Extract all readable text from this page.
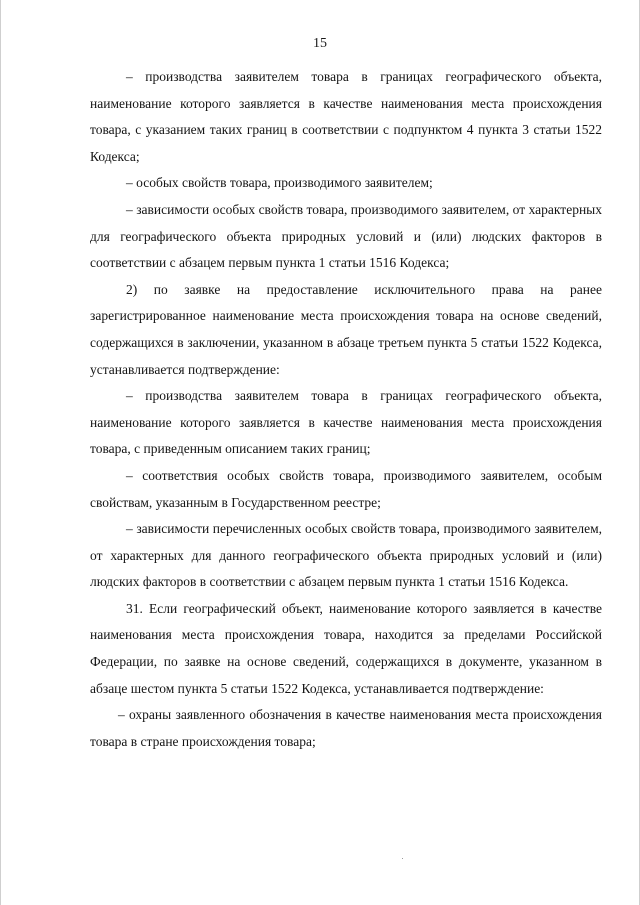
15

– производства заявителем товара в границах географического объекта, наименование которого заявляется в качестве наименования места происхождения товара, с указанием таких границ в соответствии с подпунктом 4 пункта 3 статьи 1522 Кодекса;

– особых свойств товара, производимого заявителем;

– зависимости особых свойств товара, производимого заявителем, от характерных для географического объекта природных условий и (или) людских факторов в соответствии с абзацем первым пункта 1 статьи 1516 Кодекса;

2) по заявке на предоставление исключительного права на ранее зарегистрированное наименование места происхождения товара на основе сведений, содержащихся в заключении, указанном в абзаце третьем пункта 5 статьи 1522 Кодекса, устанавливается подтверждение:

– производства заявителем товара в границах географического объекта, наименование которого заявляется в качестве наименования места происхождения товара, с приведенным описанием таких границ;

– соответствия особых свойств товара, производимого заявителем, особым свойствам, указанным в Государственном реестре;

– зависимости перечисленных особых свойств товара, производимого заявителем, от характерных для данного географического объекта природных условий и (или) людских факторов в соответствии с абзацем первым пункта 1 статьи 1516 Кодекса.

31. Если географический объект, наименование которого заявляется в качестве наименования места происхождения товара, находится за пределами Российской Федерации, по заявке на основе сведений, содержащихся в документе, указанном в абзаце шестом пункта 5 статьи 1522 Кодекса, устанавливается подтверждение:

– охраны заявленного обозначения в качестве наименования места происхождения товара в стране происхождения товара;
